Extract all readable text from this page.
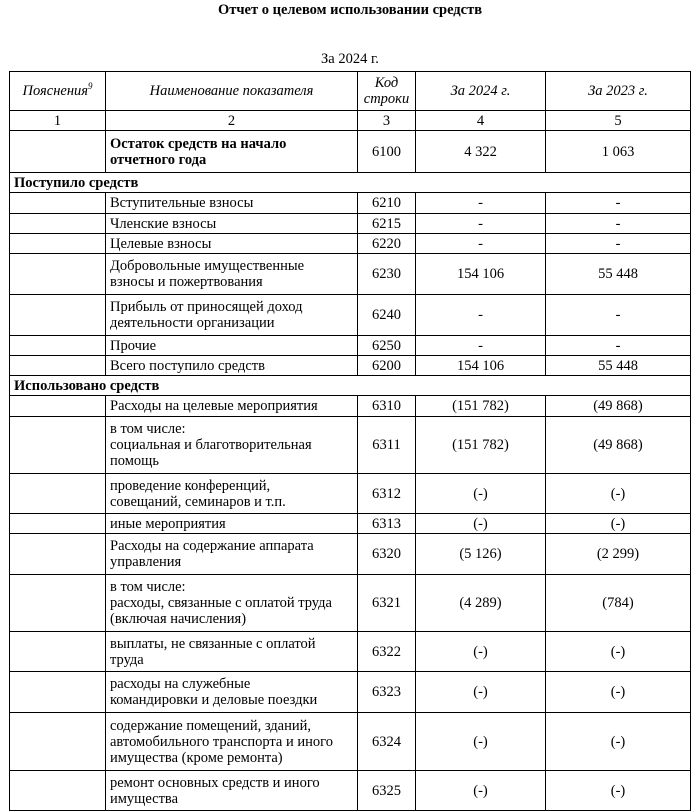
Отчет о целевом использовании средств
За 2024 г.
Пояснения$^9$	Наименование показателя	Код
строки	За 2024 г.	За 2023 г.
1	2	3	4	5
	Остаток средств на начало
отчетного года	6100	4 322	1 063
Поступило средств				
	Вступительные взносы	6210	-	-
	Членские взносы	6215	-	-
	Целевые взносы	6220	-	-
	Добровольные имущественные
взносы и пожертвования	6230	154 106	55 448
	Прибыль от приносящей доход
деятельности организации	6240	-	-
	Прочие	6250	-	-
	Всего поступило средств	6200	154 106	55 448
Использовано средств				
	Расходы на целевые мероприятия	6310	(151 782)	(49 868)
	в том числе:
социальная и благотворительная
помощь	6311	(151 782)	(49 868)
	проведение конференций,
совещаний, семинаров и т.п.	6312	(-)	(-)
	иные мероприятия	6313	(-)	(-)
	Расходы на содержание аппарата
управления	6320	(5 126)	(2 299)
	в том числе:
расходы, связанные с оплатой труда
(включая начисления)	6321	(4 289)	(784)
	выплаты, не связанные с оплатой
труда	6322	(-)	(-)
	расходы на служебные
командировки и деловые поездки	6323	(-)	(-)
	содержание помещений, зданий,
автомобильного транспорта и иного
имущества (кроме ремонта)	6324	(-)	(-)
	ремонт основных средств и иного
имущества	6325	(-)	(-)
